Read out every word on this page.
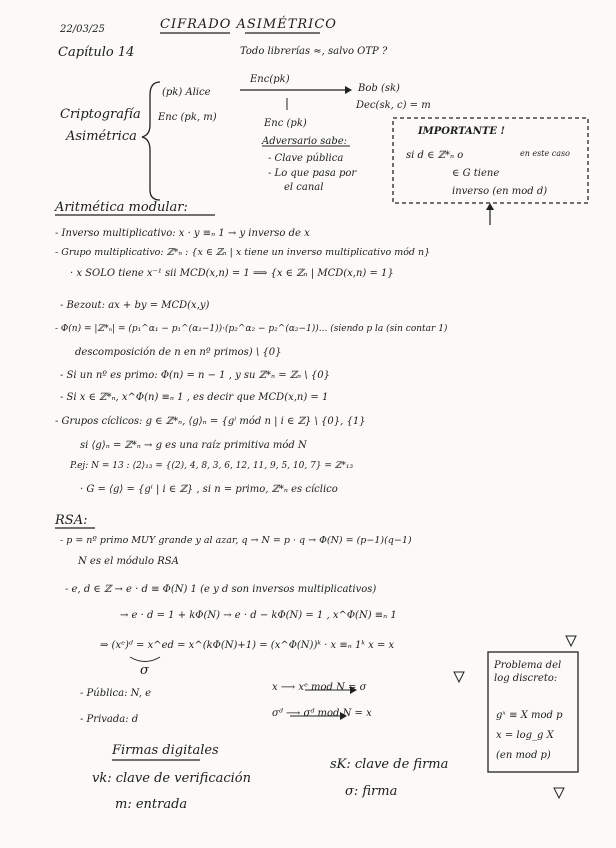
22/03/25	CIFRADO ASIMÉTRICO
Capítulo 14	Todo librerías ≈, salvo OTP ?
Criptografía
Asimétrica
(pk) Alice
Enc (pk, m)
Enc(pk)
Enc (pk)
Bob (sk)
Dec(sk, c) = m
Adversario sabe:
- Clave pública
- Lo que pasa por
el canal
IMPORTANTE !
si d ∈ ℤ*ₙ o
∈ G tiene
inverso (en mod d)
en este caso
Aritmética modular:
- Inverso multiplicativo: x · y ≡ₙ 1 → y inverso de x
- Grupo multiplicativo: ℤ*ₙ : {x ∈ ℤₙ | x tiene un inverso multiplicativo mód n}
· x SOLO tiene x⁻¹ sii MCD(x,n) = 1 ⟹ {x ∈ ℤₙ | MCD(x,n) = 1}
- Bezout: ax + by = MCD(x,y)
- Φ(n) = |ℤ*ₙ| = (p₁^α₁ − p₁^(α₁−1))·(p₂^α₂ − p₂^(α₂−1))... (siendo p la (sin contar 1)
descomposición de n en nº primos) \ {0}
- Si un nº es primo: Φ(n) = n − 1 , y su ℤ*ₙ = ℤₙ \ {0}
- Si x ∈ ℤ*ₙ, x^Φ(n) ≡ₙ 1 , es decir que MCD(x,n) = 1
- Grupos cíclicos: g ∈ ℤ*ₙ, ⟨g⟩ₙ = {gⁱ mód n | i ∈ ℤ} \ {0}, {1}
si ⟨g⟩ₙ = ℤ*ₙ → g es una raíz primitiva mód N
P.ej: N = 13 : ⟨2⟩₁₃ = {(2), 4, 8, 3, 6, 12, 11, 9, 5, 10, 7} = ℤ*₁₃
· G = ⟨g⟩ = {gⁱ | i ∈ ℤ} , si n = primo, ℤ*ₙ es cíclico
RSA:
- p = nº primo MUY grande y al azar, q → N = p · q → Φ(N) = (p−1)(q−1)
N es el módulo RSA
- e, d ∈ ℤ → e · d ≡ Φ(N) 1 (e y d son inversos multiplicativos)
→ e · d = 1 + kΦ(N) → e · d − kΦ(N) = 1 , x^Φ(N) ≡ₙ 1
⇒ (xᵉ)ᵈ = x^ed = x^(kΦ(N)+1) = (x^Φ(N))ᵏ · x ≡ₙ 1ᵏ x = x
σ
- Pública: N, e
x ⟶ xᵉ mod N = σ
- Privada: d
σᵈ ⟶ σᵈ mod N = x
Problema del log discreto:
gˣ ≡ X mod p
x = log_g X
(en mod p)
Firmas digitales
vk: clave de verificación
sK: clave de firma
m: entrada
σ: firma
